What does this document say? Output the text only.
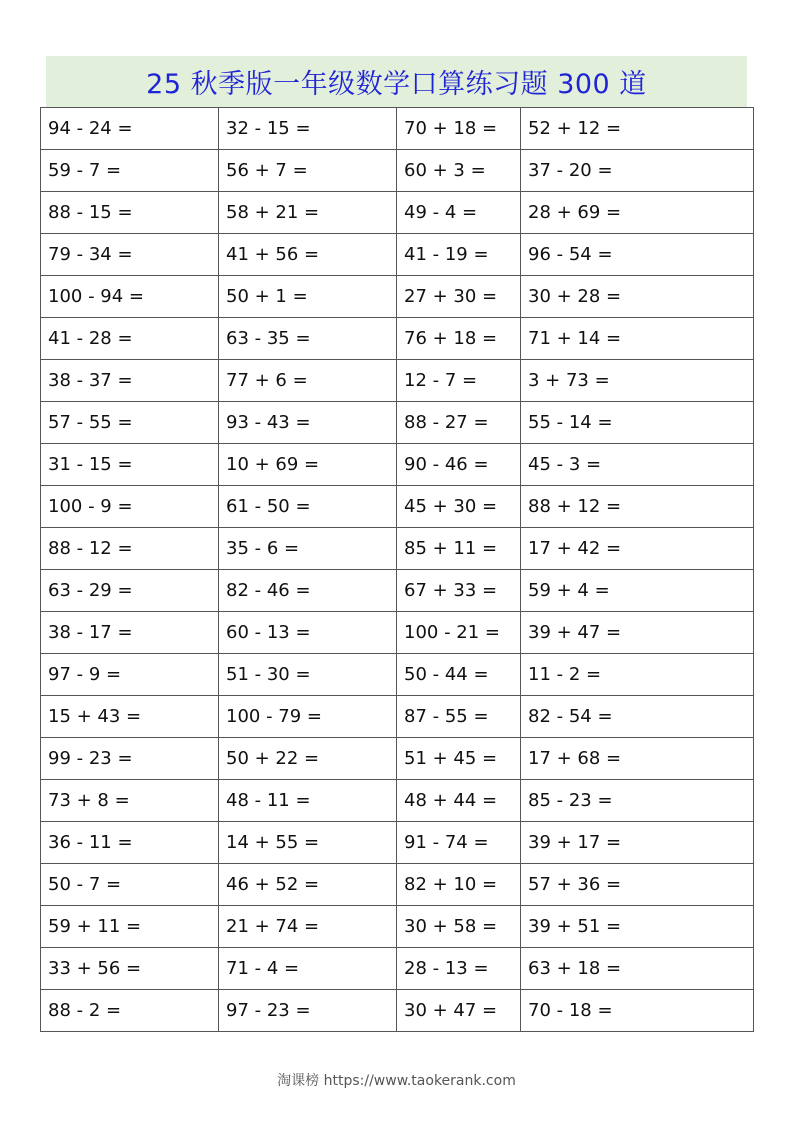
25 秋季版一年级数学口算练习题 300 道
94 - 24 =	32 - 15 =	70 + 18 =	52 + 12 =
59 - 7 =	56 + 7 =	60 + 3 =	37 - 20 =
88 - 15 =	58 + 21 =	49 - 4 =	28 + 69 =
79 - 34 =	41 + 56 =	41 - 19 =	96 - 54 =
100 - 94 =	50 + 1 =	27 + 30 =	30 + 28 =
41 - 28 =	63 - 35 =	76 + 18 =	71 + 14 =
38 - 37 =	77 + 6 =	12 - 7 =	3 + 73 =
57 - 55 =	93 - 43 =	88 - 27 =	55 - 14 =
31 - 15 =	10 + 69 =	90 - 46 =	45 - 3 =
100 - 9 =	61 - 50 =	45 + 30 =	88 + 12 =
88 - 12 =	35 - 6 =	85 + 11 =	17 + 42 =
63 - 29 =	82 - 46 =	67 + 33 =	59 + 4 =
38 - 17 =	60 - 13 =	100 - 21 =	39 + 47 =
97 - 9 =	51 - 30 =	50 - 44 =	11 - 2 =
15 + 43 =	100 - 79 =	87 - 55 =	82 - 54 =
99 - 23 =	50 + 22 =	51 + 45 =	17 + 68 =
73 + 8 =	48 - 11 =	48 + 44 =	85 - 23 =
36 - 11 =	14 + 55 =	91 - 74 =	39 + 17 =
50 - 7 =	46 + 52 =	82 + 10 =	57 + 36 =
59 + 11 =	21 + 74 =	30 + 58 =	39 + 51 =
33 + 56 =	71 - 4 =	28 - 13 =	63 + 18 =
88 - 2 =	97 - 23 =	30 + 47 =	70 - 18 =
淘课榜 https://www.taokerank.com
